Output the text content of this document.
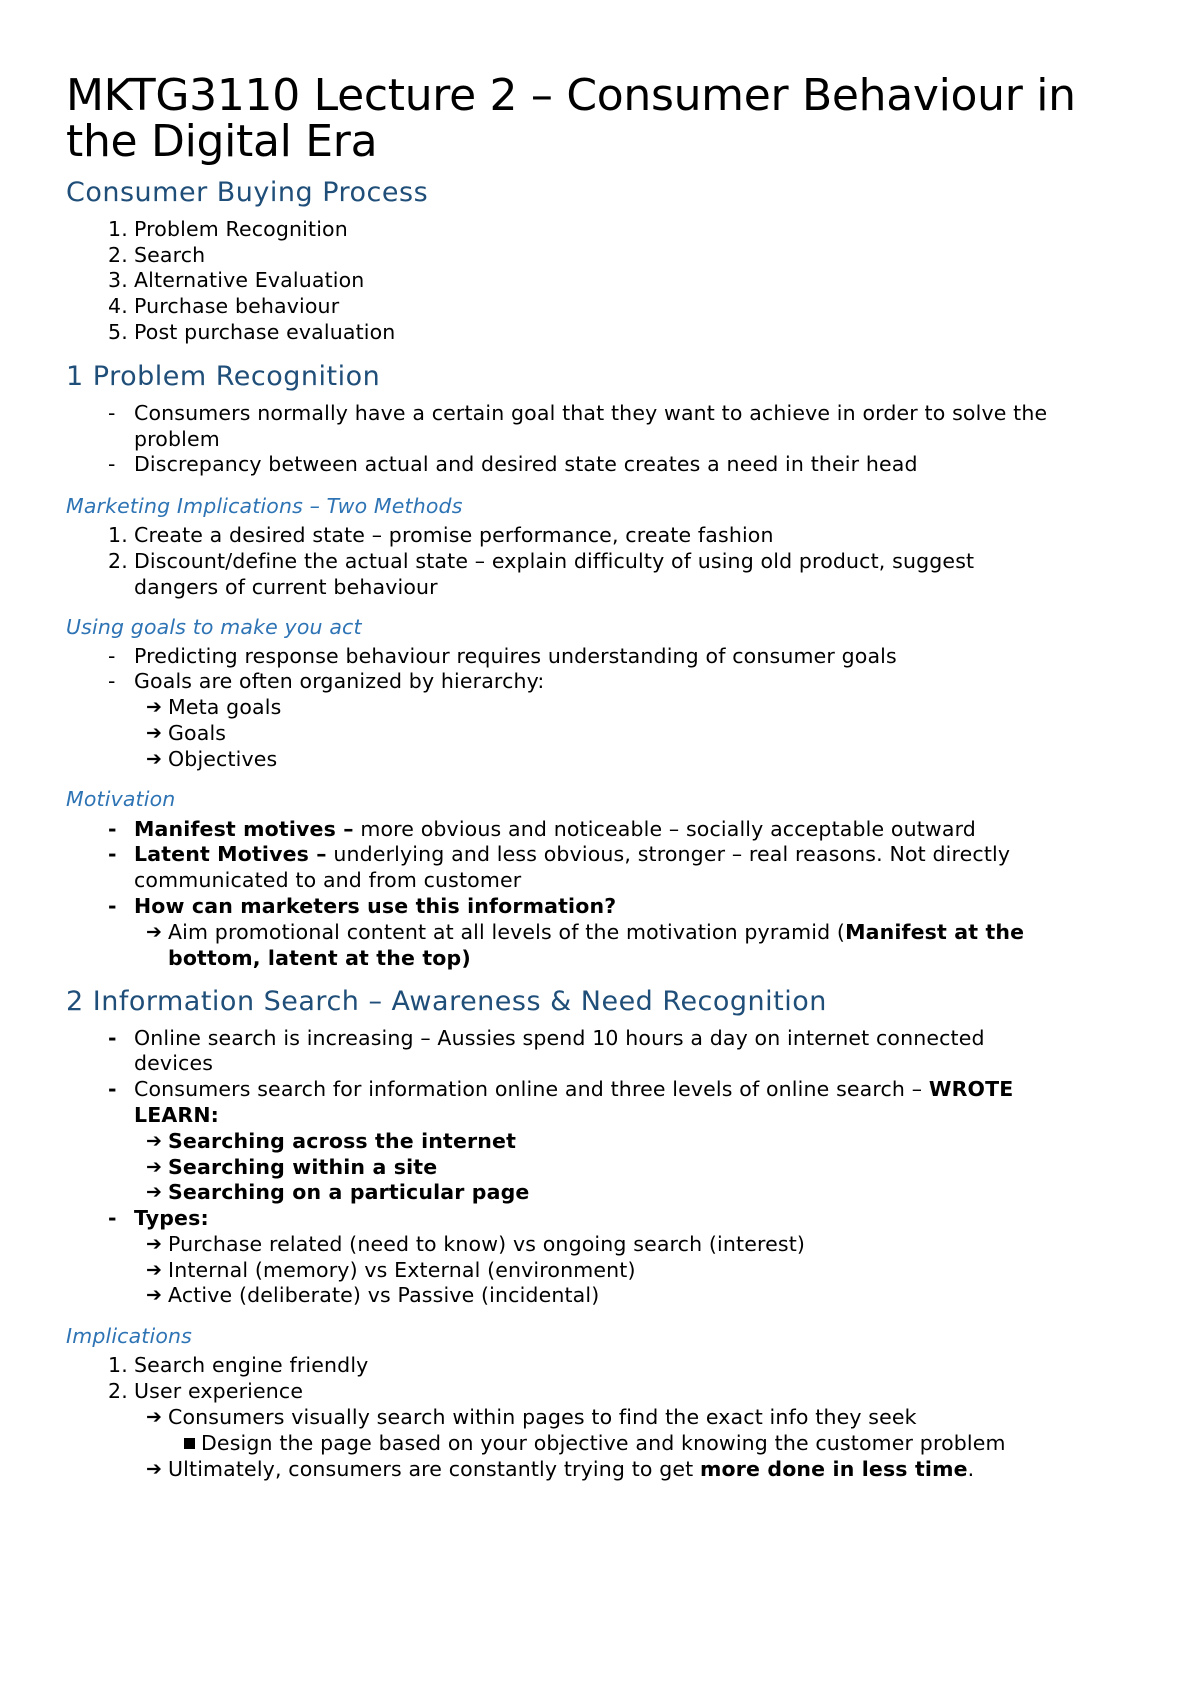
MKTG3110 Lecture 2 – Consumer Behaviour in
the Digital Era
Consumer Buying Process
1. Problem Recognition
2. Search
3. Alternative Evaluation
4. Purchase behaviour
5. Post purchase evaluation
1 Problem Recognition
- Consumers normally have a certain goal that they want to achieve in order to solve the
problem
- Discrepancy between actual and desired state creates a need in their head
Marketing Implications – Two Methods
1. Create a desired state – promise performance, create fashion
2. Discount/define the actual state – explain difficulty of using old product, suggest
dangers of current behaviour
Using goals to make you act
- Predicting response behaviour requires understanding of consumer goals
- Goals are often organized by hierarchy:
➔ Meta goals
➔ Goals
➔ Objectives
Motivation
- Manifest motives – more obvious and noticeable – socially acceptable outward
- Latent Motives – underlying and less obvious, stronger – real reasons. Not directly
communicated to and from customer
- How can marketers use this information?
➔ Aim promotional content at all levels of the motivation pyramid (Manifest at the
bottom, latent at the top)
2 Information Search – Awareness & Need Recognition
- Online search is increasing – Aussies spend 10 hours a day on internet connected
devices
- Consumers search for information online and three levels of online search – WROTE
LEARN:
➔ Searching across the internet
➔ Searching within a site
➔ Searching on a particular page
- Types:
➔ Purchase related (need to know) vs ongoing search (interest)
➔ Internal (memory) vs External (environment)
➔ Active (deliberate) vs Passive (incidental)
Implications
1. Search engine friendly
2. User experience
➔ Consumers visually search within pages to find the exact info they seek
Design the page based on your objective and knowing the customer problem
➔ Ultimately, consumers are constantly trying to get more done in less time.
